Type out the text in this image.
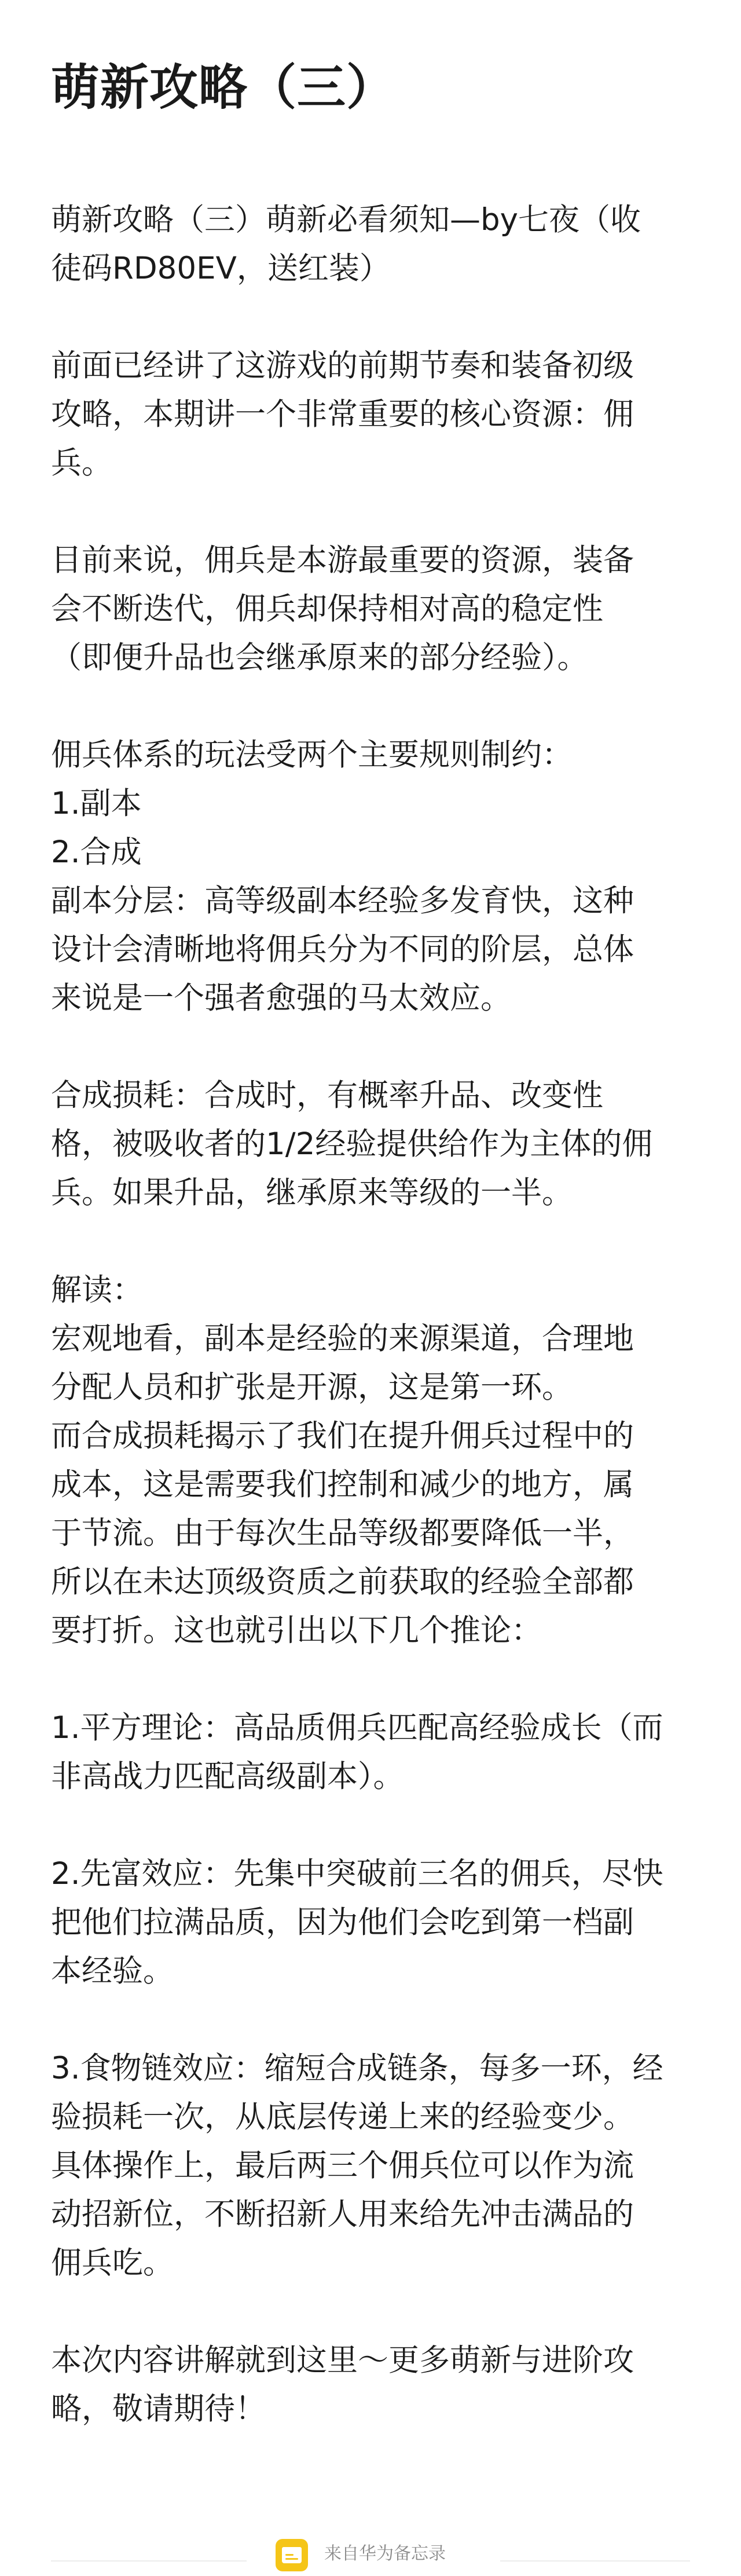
萌新攻略（三）

萌新攻略（三）萌新必看须知—by七夜（收
徒码RD80EV，送红装）

前面已经讲了这游戏的前期节奏和装备初级
攻略，本期讲一个非常重要的核心资源：佣
兵。

目前来说，佣兵是本游最重要的资源，装备
会不断迭代，佣兵却保持相对高的稳定性
（即便升品也会继承原来的部分经验）。

佣兵体系的玩法受两个主要规则制约：
1.副本
2.合成
副本分层：高等级副本经验多发育快，这种
设计会清晰地将佣兵分为不同的阶层，总体
来说是一个强者愈强的马太效应。

合成损耗：合成时，有概率升品、改变性
格，被吸收者的1/2经验提供给作为主体的佣
兵。如果升品，继承原来等级的一半。

解读：
宏观地看，副本是经验的来源渠道，合理地
分配人员和扩张是开源，这是第一环。
而合成损耗揭示了我们在提升佣兵过程中的
成本，这是需要我们控制和减少的地方，属
于节流。由于每次生品等级都要降低一半，
所以在未达顶级资质之前获取的经验全部都
要打折。这也就引出以下几个推论：

1.平方理论：高品质佣兵匹配高经验成长（而
非高战力匹配高级副本）。

2.先富效应：先集中突破前三名的佣兵，尽快
把他们拉满品质，因为他们会吃到第一档副
本经验。

3.食物链效应：缩短合成链条，每多一环，经
验损耗一次，从底层传递上来的经验变少。
具体操作上，最后两三个佣兵位可以作为流
动招新位，不断招新人用来给先冲击满品的
佣兵吃。

本次内容讲解就到这里～更多萌新与进阶攻
略，敬请期待！

来自华为备忘录
